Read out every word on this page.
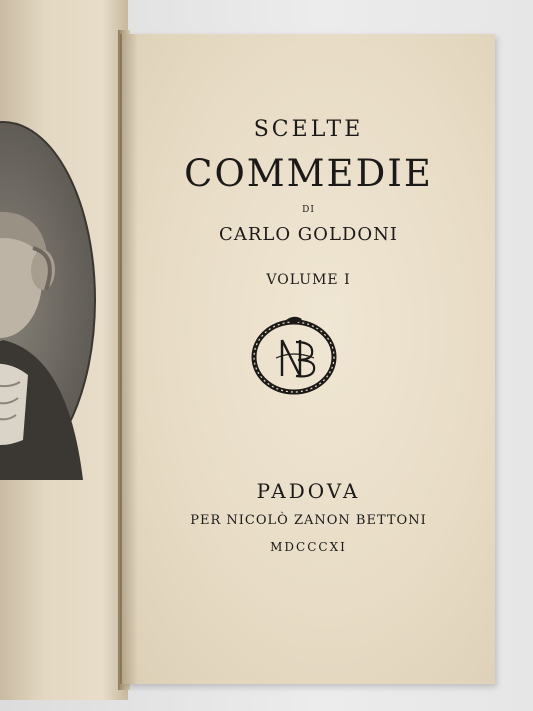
SCELTE

COMMEDIE

DI

CARLO GOLDONI

VOLUME I

PADOVA

PER NICOLÒ ZANON BETTONI

MDCCCXI
